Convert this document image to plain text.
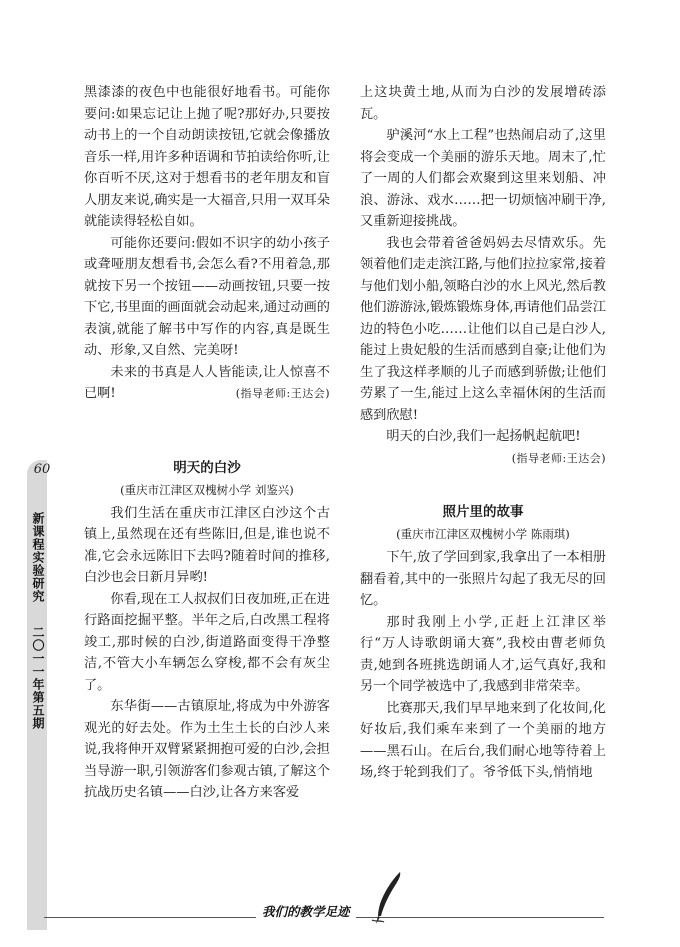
60
新课程实验研究
二〇一一年第五期

黑漆漆的夜色中也能很好地看书。可能你要问:如果忘记让上抛了呢?那好办,只要按动书上的一个自动朗读按钮,它就会像播放音乐一样,用许多种语调和节拍读给你听,让你百听不厌,这对于想看书的老年朋友和盲人朋友来说,确实是一大福音,只用一双耳朵就能读得轻松自如。

可能你还要问:假如不识字的幼小孩子或聋哑朋友想看书,会怎么看?不用着急,那就按下另一个按钮——动画按钮,只要一按下它,书里面的画面就会动起来,通过动画的表演,就能了解书中写作的内容,真是既生动、形象,又自然、完美呀!

未来的书真是人人皆能读,让人惊喜不已啊!	(指导老师:王达会)

明天的白沙

(重庆市江津区双槐树小学 刘鉴兴)

我们生活在重庆市江津区白沙这个古镇上,虽然现在还有些陈旧,但是,谁也说不准,它会永远陈旧下去吗?随着时间的推移,白沙也会日新月异哟!

你看,现在工人叔叔们日夜加班,正在进行路面挖掘平整。半年之后,白改黑工程将竣工,那时候的白沙,街道路面变得干净整洁,不管大小车辆怎么穿梭,都不会有灰尘了。

东华街——古镇原址,将成为中外游客观光的好去处。作为土生土长的白沙人来说,我将伸开双臂紧紧拥抱可爱的白沙,会担当导游一职,引领游客们参观古镇,了解这个抗战历史名镇——白沙,让各方来客爱

上这块黄土地,从而为白沙的发展增砖添瓦。

驴溪河“水上工程”也热闹启动了,这里将会变成一个美丽的游乐天地。周末了,忙了一周的人们都会欢聚到这里来划船、冲浪、游泳、戏水……把一切烦恼冲刷干净,又重新迎接挑战。

我也会带着爸爸妈妈去尽情欢乐。先领着他们走走滨江路,与他们拉拉家常,接着与他们划小船,领略白沙的水上风光,然后教他们游游泳,锻炼锻炼身体,再请他们品尝江边的特色小吃……让他们以自己是白沙人,能过上贵妃般的生活而感到自豪;让他们为生了我这样孝顺的儿子而感到骄傲;让他们劳累了一生,能过上这么幸福休闲的生活而感到欣慰!

明天的白沙,我们一起扬帆起航吧!

(指导老师:王达会)

照片里的故事

(重庆市江津区双槐树小学 陈雨琪)

下午,放了学回到家,我拿出了一本相册翻看着,其中的一张照片勾起了我无尽的回忆。

那时我刚上小学,正赶上江津区举行“万人诗歌朗诵大赛”,我校由曹老师负责,她到各班挑选朗诵人才,运气真好,我和另一个同学被选中了,我感到非常荣幸。

比赛那天,我们早早地来到了化妆间,化好妆后,我们乘车来到了一个美丽的地方——黑石山。在后台,我们耐心地等待着上场,终于轮到我们了。爷爷低下头,悄悄地

我们的教学足迹
